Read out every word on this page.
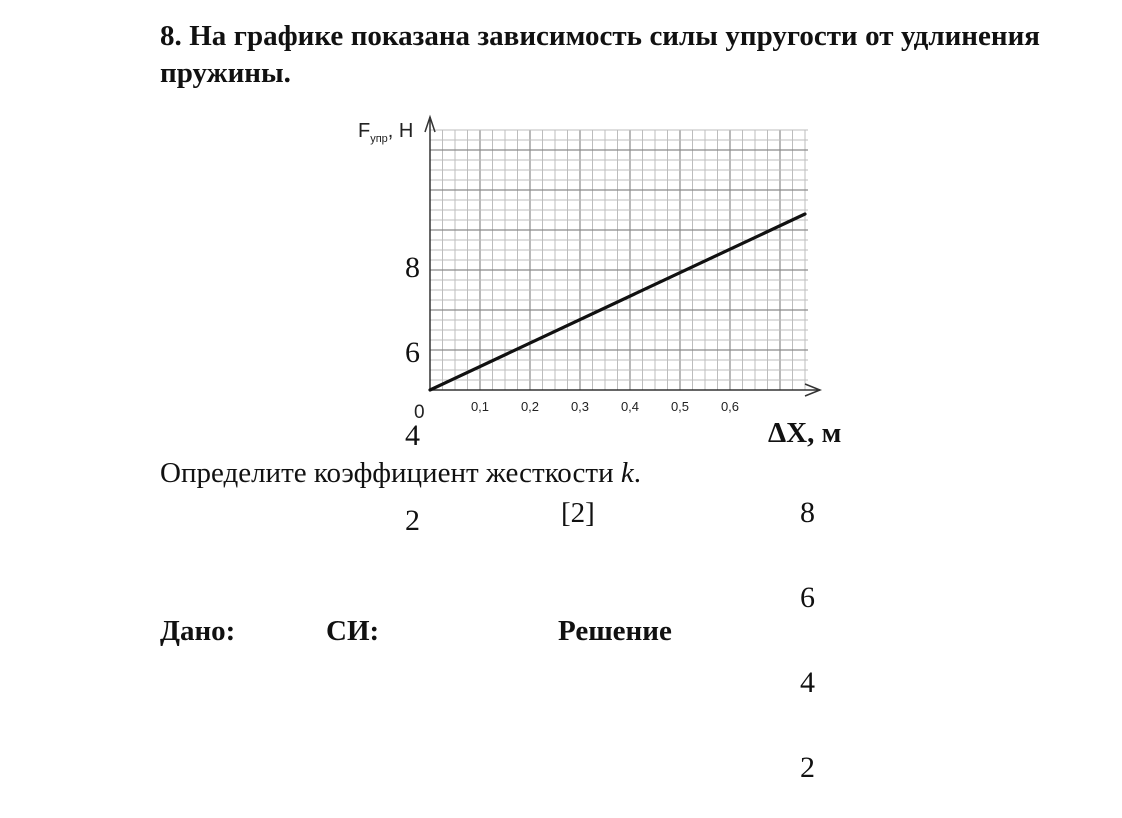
8. На графике показана зависимость силы упругости от удлинения пружины.
0,1 0,2 0,3 0,4 0,5 0,6
$F_{упр}$, Н
0
ΔX, м
8
6
4
2
Определите коэффициент жесткости k.
[2]	8
6
4
2
Дано:	СИ:	Решение
